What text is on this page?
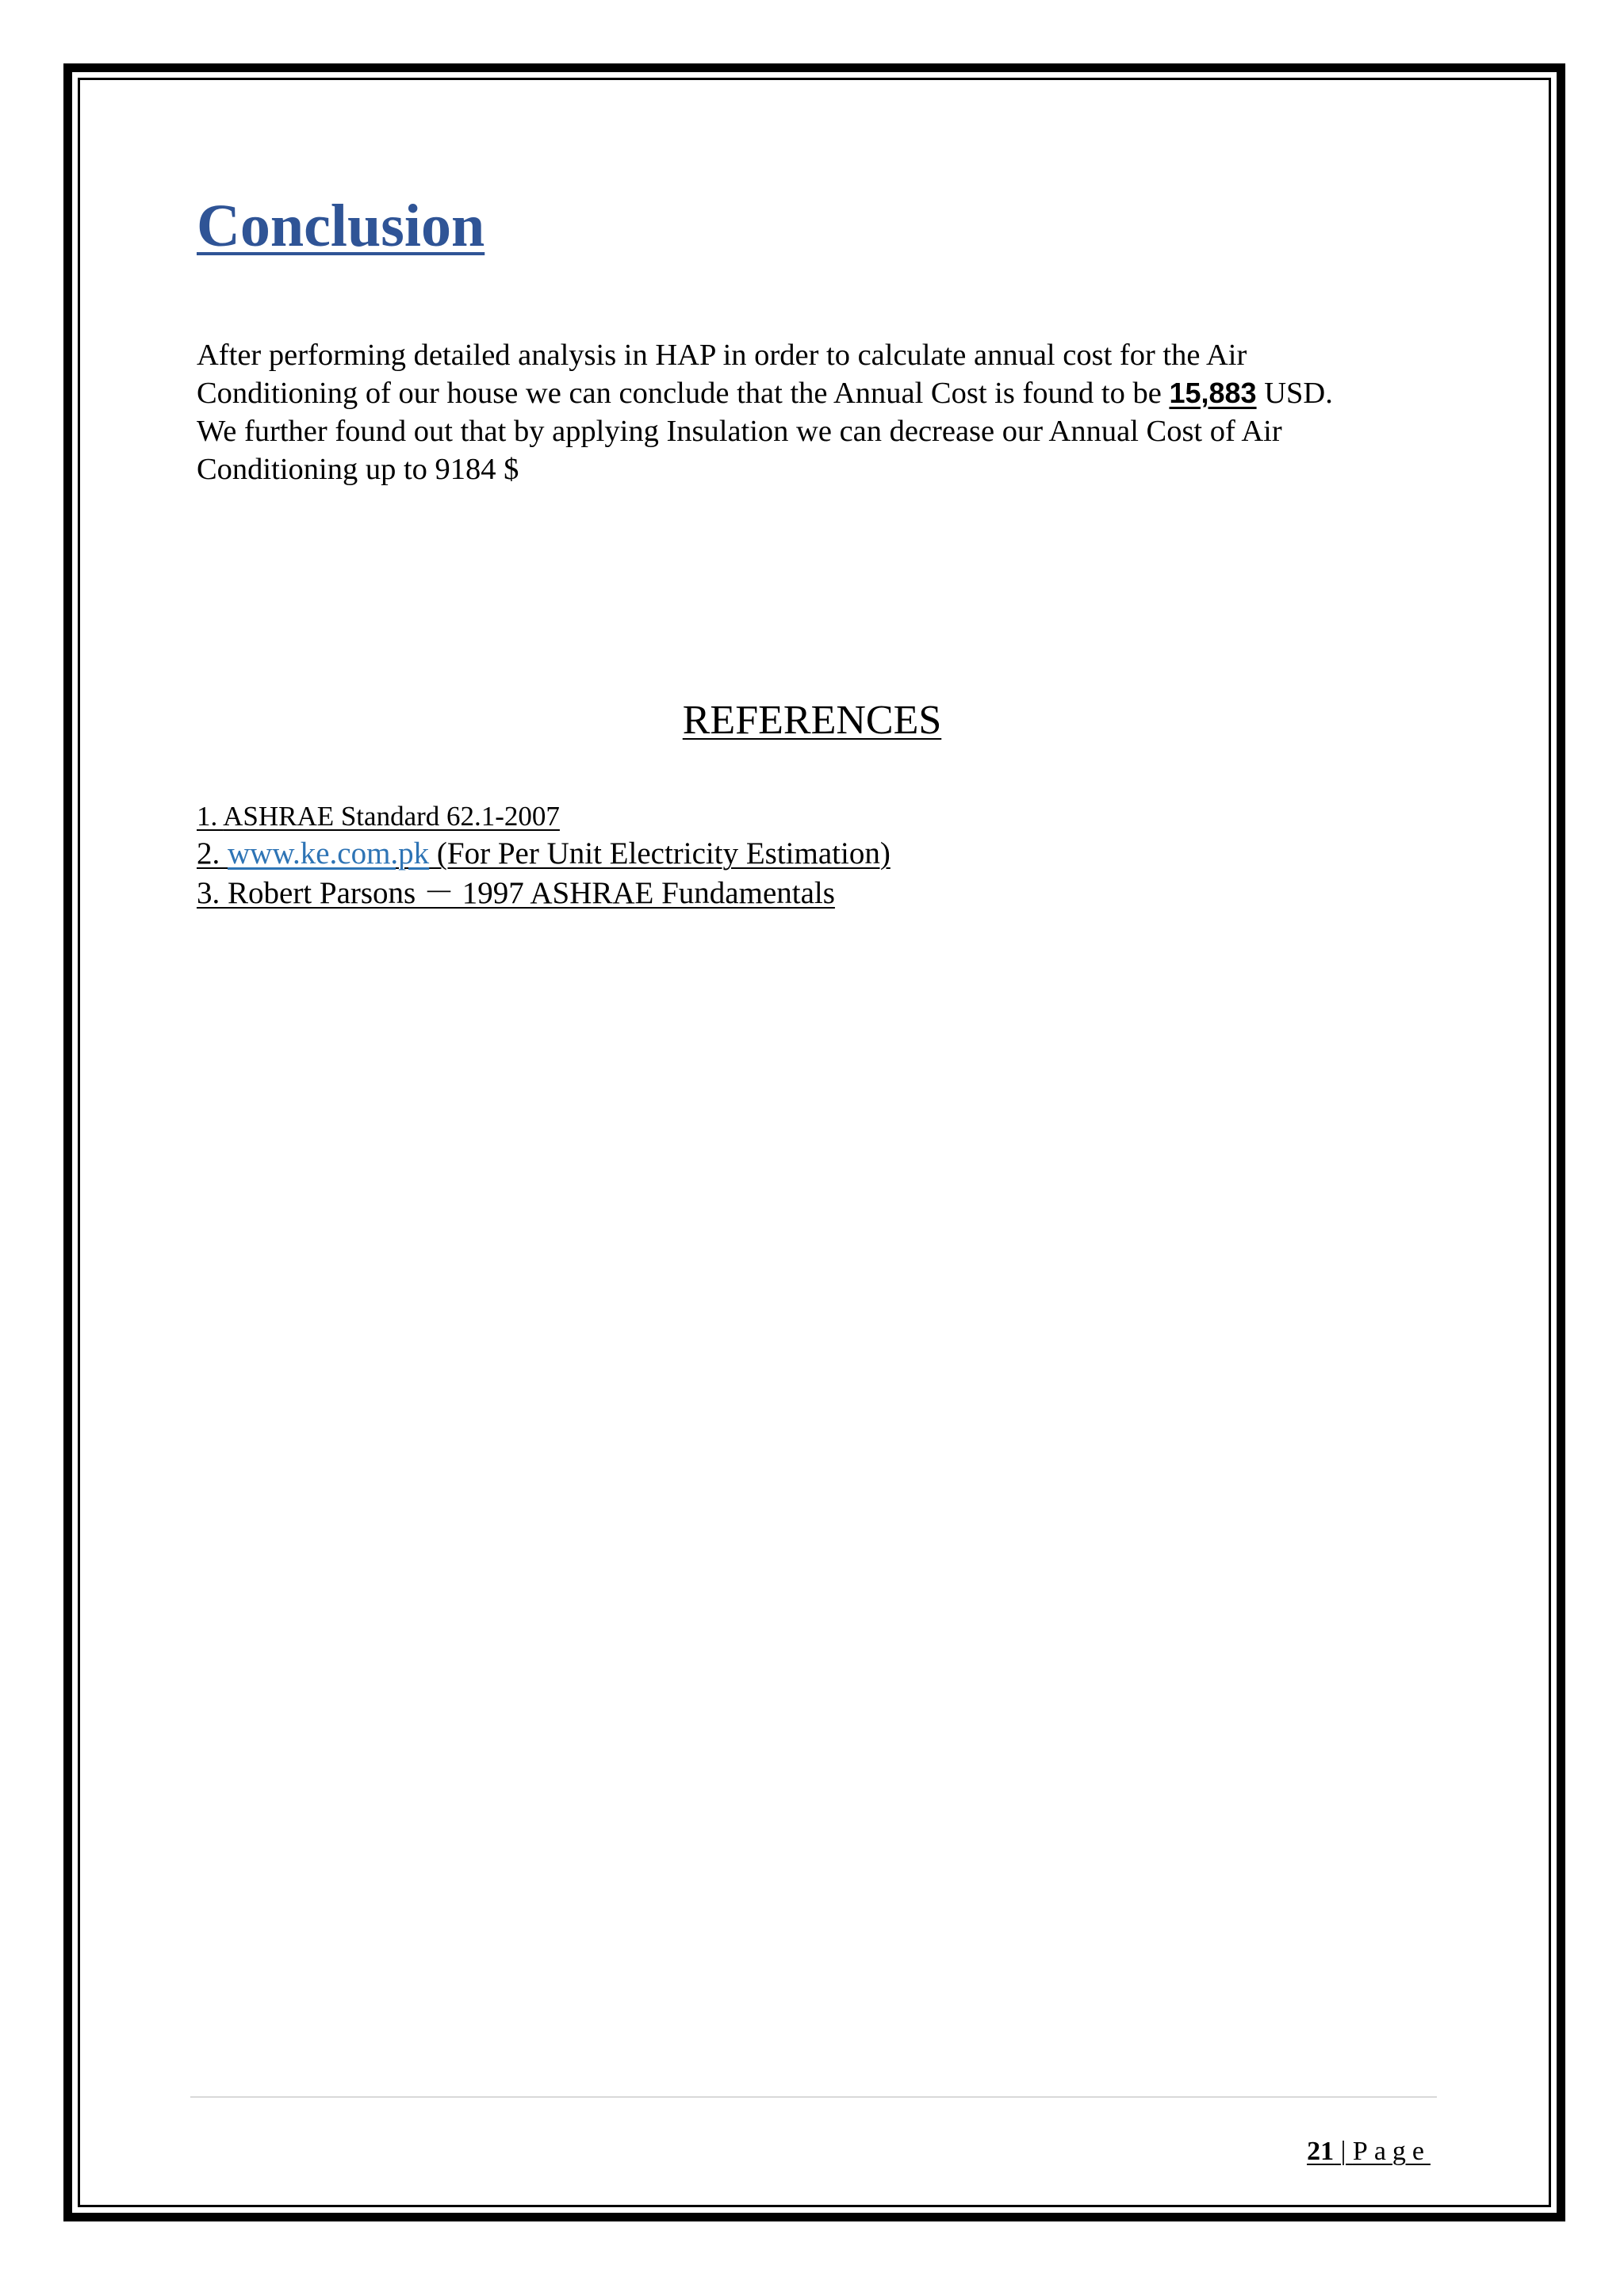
Conclusion

After performing detailed analysis in HAP in order to calculate annual cost for the Air
Conditioning of our house we can conclude that the Annual Cost is found to be 15,883 USD.
We further found out that by applying Insulation we can decrease our Annual Cost of Air
Conditioning up to 9184 $

REFERENCES
1. ASHRAE Standard 62.1-2007
2. www.ke.com.pk (For Per Unit Electricity Estimation)
3. Robert Parsons － 1997 ASHRAE Fundamentals
21 | Page
